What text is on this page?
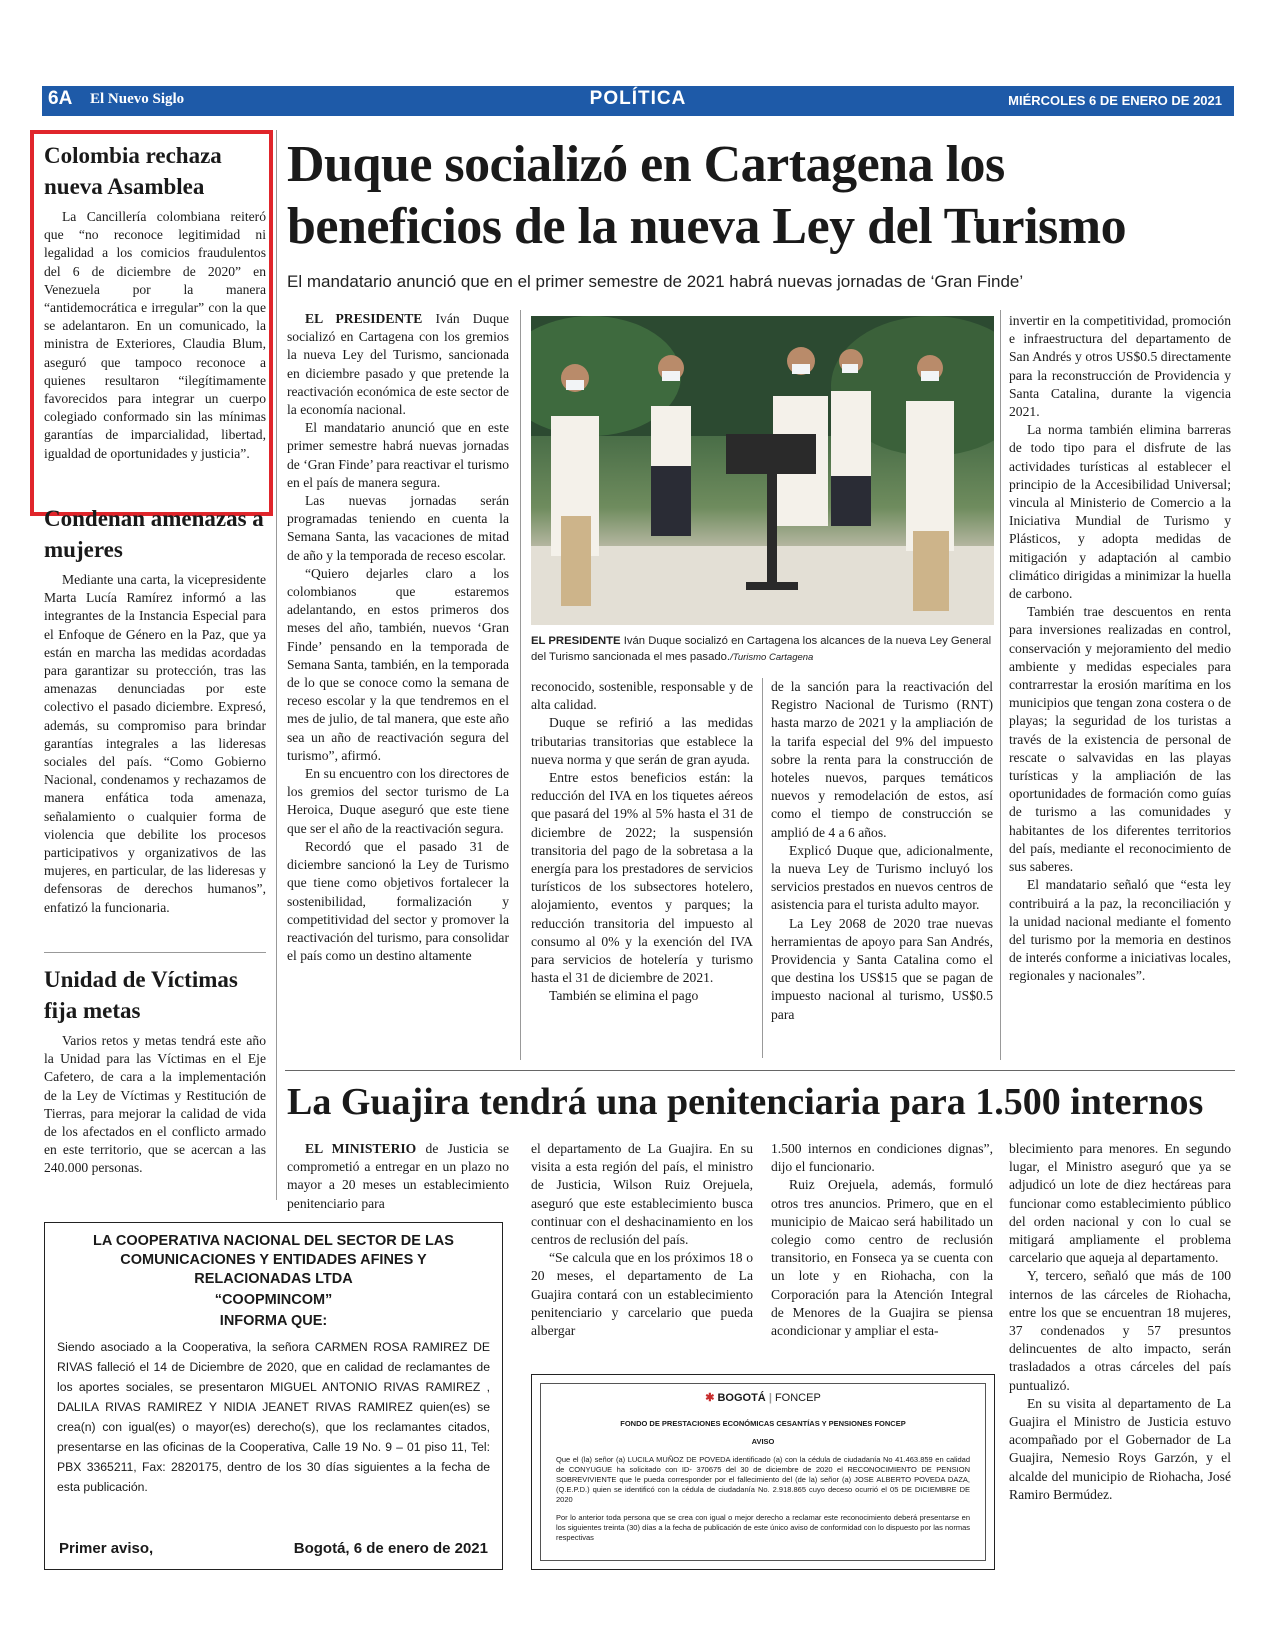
6A El Nuevo Siglo	POLÍTICA	MIÉRCOLES 6 DE ENERO DE 2021
Colombia rechaza nueva Asamblea

La Cancillería colombiana reiteró que “no reconoce legitimidad ni legalidad a los comicios fraudulentos del 6 de diciembre de 2020” en Venezuela por la manera “antidemocrática e irregular” con la que se adelantaron. En un comunicado, la ministra de Exteriores, Claudia Blum, aseguró que tampoco reconoce a quienes resultaron “ilegítimamente favorecidos para integrar un cuerpo colegiado conformado sin las mínimas garantías de imparcialidad, libertad, igualdad de oportunidades y justicia”.

Condenan amenazas a mujeres

Mediante una carta, la vicepresidente Marta Lucía Ramírez informó a las integrantes de la Instancia Especial para el Enfoque de Género en la Paz, que ya están en marcha las medidas acordadas para garantizar su protección, tras las amenazas denunciadas por este colectivo el pasado diciembre. Expresó, además, su compromiso para brindar garantías integrales a las lideresas sociales del país. “Como Gobierno Nacional, condenamos y rechazamos de manera enfática toda amenaza, señalamiento o cualquier forma de violencia que debilite los procesos participativos y organizativos de las mujeres, en particular, de las lideresas y defensoras de derechos humanos”, enfatizó la funcionaria.

Unidad de Víctimas fija metas

Varios retos y metas tendrá este año la Unidad para las Víctimas en el Eje Cafetero, de cara a la implementación de la Ley de Víctimas y Restitución de Tierras, para mejorar la calidad de vida de los afectados en el conflicto armado en este territorio, que se acercan a las 240.000 personas.

Duque socializó en Cartagena los beneficios de la nueva Ley del Turismo
El mandatario anunció que en el primer semestre de 2021 habrá nuevas jornadas de ‘Gran Finde’

EL PRESIDENTE Iván Duque socializó en Cartagena con los gremios la nueva Ley del Turismo, sancionada en diciembre pasado y que pretende la reactivación económica de este sector de la economía nacional.

El mandatario anunció que en este primer semestre habrá nuevas jornadas de ‘Gran Finde’ para reactivar el turismo en el país de manera segura.

Las nuevas jornadas serán programadas teniendo en cuenta la Semana Santa, las vacaciones de mitad de año y la temporada de receso escolar.

“Quiero dejarles claro a los colombianos que estaremos adelantando, en estos primeros dos meses del año, también, nuevos ‘Gran Finde’ pensando en la temporada de Semana Santa, también, en la temporada de lo que se conoce como la semana de receso escolar y la que tendremos en el mes de julio, de tal manera, que este año sea un año de reactivación segura del turismo”, afirmó.

En su encuentro con los directores de los gremios del sector turismo de La Heroica, Duque aseguró que este tiene que ser el año de la reactivación segura.

Recordó que el pasado 31 de diciembre sancionó la Ley de Turismo que tiene como objetivos fortalecer la sostenibilidad, formalización y competitividad del sector y promover la reactivación del turismo, para consolidar el país como un destino altamente

EL PRESIDENTE Iván Duque socializó en Cartagena los alcances de la nueva Ley General del Turismo sancionada el mes pasado./Turismo Cartagena

reconocido, sostenible, responsable y de alta calidad.

Duque se refirió a las medidas tributarias transitorias que establece la nueva norma y que serán de gran ayuda.

Entre estos beneficios están: la reducción del IVA en los tiquetes aéreos que pasará del 19% al 5% hasta el 31 de diciembre de 2022; la suspensión transitoria del pago de la sobretasa a la energía para los prestadores de servicios turísticos de los subsectores hotelero, alojamiento, eventos y parques; la reducción transitoria del impuesto al consumo al 0% y la exención del IVA para servicios de hotelería y turismo hasta el 31 de diciembre de 2021.

También se elimina el pago

de la sanción para la reactivación del Registro Nacional de Turismo (RNT) hasta marzo de 2021 y la ampliación de la tarifa especial del 9% del impuesto sobre la renta para la construcción de hoteles nuevos, parques temáticos nuevos y remodelación de estos, así como el tiempo de construcción se amplió de 4 a 6 años.

Explicó Duque que, adicionalmente, la nueva Ley de Turismo incluyó los servicios prestados en nuevos centros de asistencia para el turista adulto mayor.

La Ley 2068 de 2020 trae nuevas herramientas de apoyo para San Andrés, Providencia y Santa Catalina como el que destina los US$15 que se pagan de impuesto nacional al turismo, US$0.5 para

invertir en la competitividad, promoción e infraestructura del departamento de San Andrés y otros US$0.5 directamente para la reconstrucción de Providencia y Santa Catalina, durante la vigencia 2021.

La norma también elimina barreras de todo tipo para el disfrute de las actividades turísticas al establecer el principio de la Accesibilidad Universal; vincula al Ministerio de Comercio a la Iniciativa Mundial de Turismo y Plásticos, y adopta medidas de mitigación y adaptación al cambio climático dirigidas a minimizar la huella de carbono.

También trae descuentos en renta para inversiones realizadas en control, conservación y mejoramiento del medio ambiente y medidas especiales para contrarrestar la erosión marítima en los municipios que tengan zona costera o de playas; la seguridad de los turistas a través de la existencia de personal de rescate o salvavidas en las playas turísticas y la ampliación de las oportunidades de formación como guías de turismo a las comunidades y habitantes de los diferentes territorios del país, mediante el reconocimiento de sus saberes.

El mandatario señaló que “esta ley contribuirá a la paz, la reconciliación y la unidad nacional mediante el fomento del turismo por la memoria en destinos de interés conforme a iniciativas locales, regionales y nacionales”.

La Guajira tendrá una penitenciaria para 1.500 internos

EL MINISTERIO de Justicia se comprometió a entregar en un plazo no mayor a 20 meses un establecimiento penitenciario para

el departamento de La Guajira. En su visita a esta región del país, el ministro de Justicia, Wilson Ruiz Orejuela, aseguró que este establecimiento busca continuar con el deshacinamiento en los centros de reclusión del país.

“Se calcula que en los próximos 18 o 20 meses, el departamento de La Guajira contará con un establecimiento penitenciario y carcelario que pueda albergar

1.500 internos en condiciones dignas”, dijo el funcionario.

Ruiz Orejuela, además, formuló otros tres anuncios. Primero, que en el municipio de Maicao será habilitado un colegio como centro de reclusión transitorio, en Fonseca ya se cuenta con un lote y en Riohacha, con la Corporación para la Atención Integral de Menores de la Guajira se piensa acondicionar y ampliar el esta-

blecimiento para menores. En segundo lugar, el Ministro aseguró que ya se adjudicó un lote de diez hectáreas para funcionar como establecimiento público del orden nacional y con lo cual se mitigará ampliamente el problema carcelario que aqueja al departamento.

Y, tercero, señaló que más de 100 internos de las cárceles de Riohacha, entre los que se encuentran 18 mujeres, 37 condenados y 57 presuntos delincuentes de alto impacto, serán trasladados a otras cárceles del país puntualizó.

En su visita al departamento de La Guajira el Ministro de Justicia estuvo acompañado por el Gobernador de La Guajira, Nemesio Roys Garzón, y el alcalde del municipio de Riohacha, José Ramiro Bermúdez.

LA COOPERATIVA NACIONAL DEL SECTOR DE LAS COMUNICACIONES Y ENTIDADES AFINES Y RELACIONADAS LTDA
“COOPMINCOM”
INFORMA QUE:
Siendo asociado a la Cooperativa, la señora CARMEN ROSA RAMIREZ DE RIVAS falleció el 14 de Diciembre de 2020, que en calidad de reclamantes de los aportes sociales, se presentaron MIGUEL ANTONIO RIVAS RAMIREZ , DALILA RIVAS RAMIREZ Y NIDIA JEANET RIVAS RAMIREZ quien(es) se crea(n) con igual(es) o mayor(es) derecho(s), que los reclamantes citados, presentarse en las oficinas de la Cooperativa, Calle 19 No. 9 – 01 piso 11, Tel: PBX 3365211, Fax: 2820175, dentro de los 30 días siguientes a la fecha de esta publicación.
Primer aviso,	Bogotá, 6 de enero de 2021
✱ BOGOTÁ | FONCEP
FONDO DE PRESTACIONES ECONÓMICAS CESANTÍAS Y PENSIONES FONCEP
AVISO
Que el (la) señor (a) LUCILA MUÑOZ DE POVEDA identificado (a) con la cédula de ciudadanía No 41.463.859 en calidad de CONYUGUE ha solicitado con ID- 370675 del 30 de diciembre de 2020 el RECONOCIMIENTO DE PENSION SOBREVIVIENTE que le pueda corresponder por el fallecimiento del (de la) señor (a) JOSE ALBERTO POVEDA DAZA, (Q.E.P.D.) quien se identificó con la cédula de ciudadanía No. 2.918.865 cuyo deceso ocurrió el 05 DE DICIEMBRE DE 2020
Por lo anterior toda persona que se crea con igual o mejor derecho a reclamar este reconocimiento deberá presentarse en los siguientes treinta (30) días a la fecha de publicación de este único aviso de conformidad con lo dispuesto por las normas respectivas
